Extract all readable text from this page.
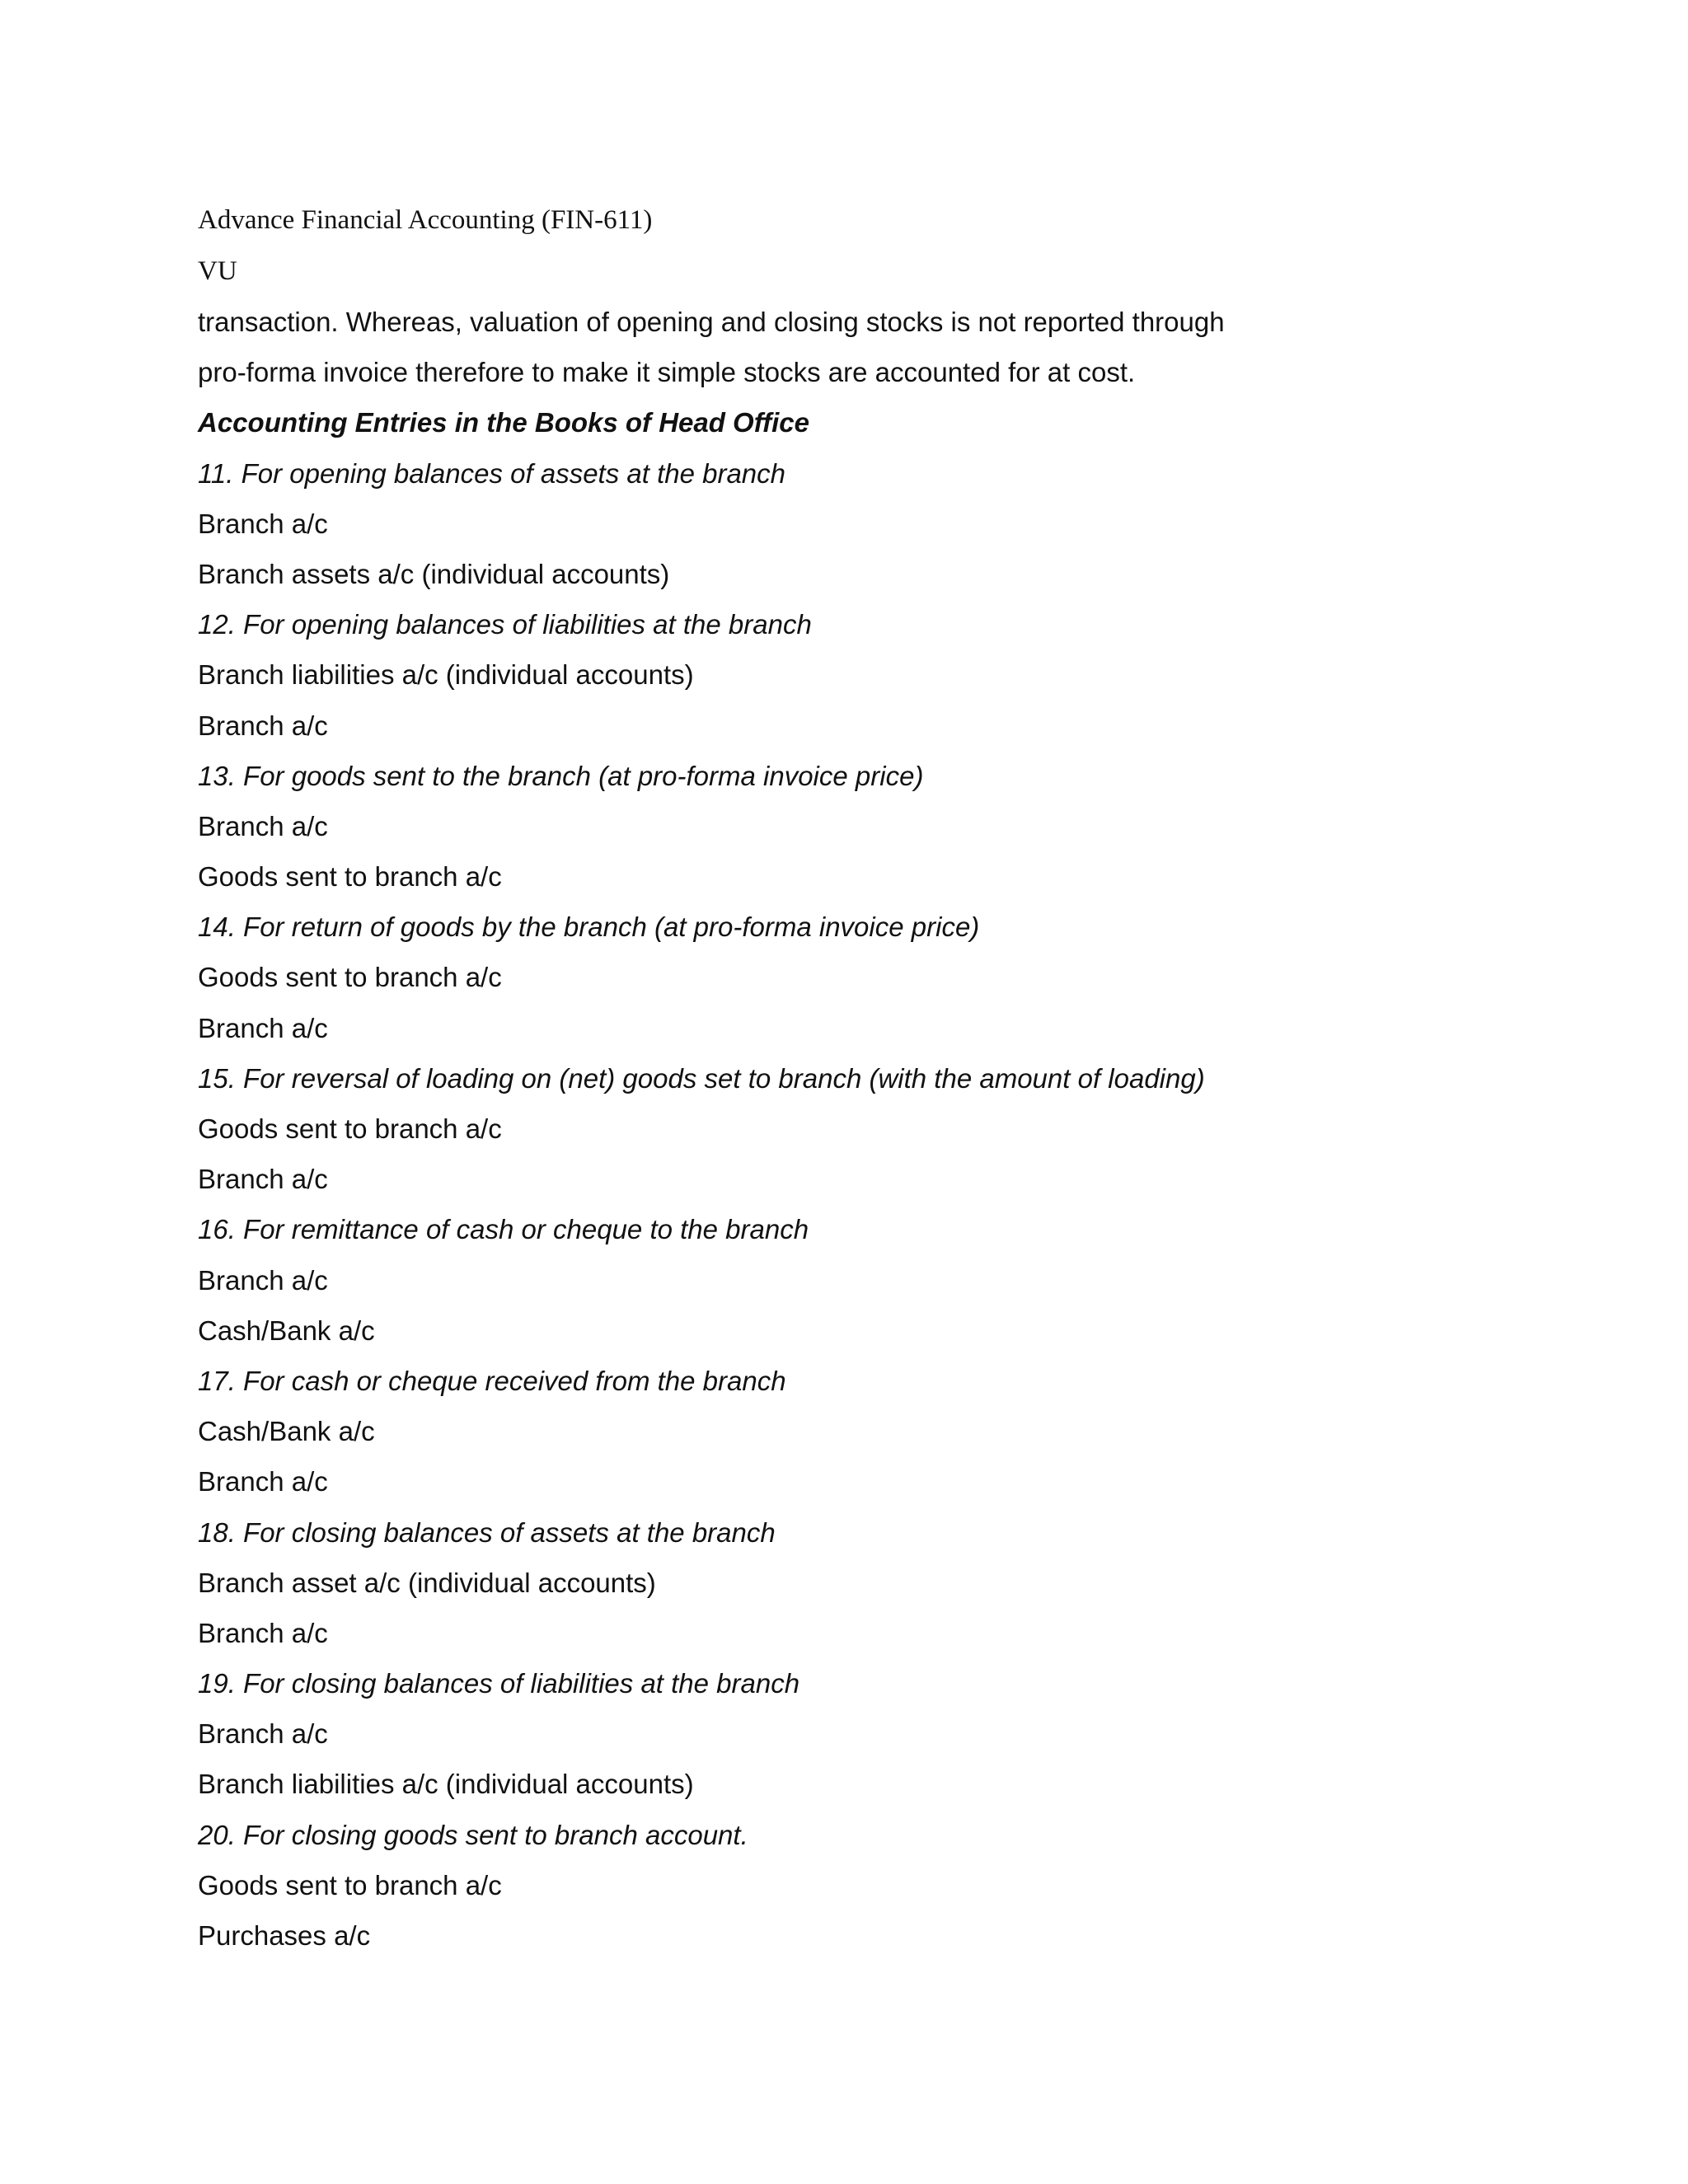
Advance Financial Accounting (FIN-611)
VU
transaction. Whereas, valuation of opening and closing stocks is not reported through
pro-forma invoice therefore to make it simple stocks are accounted for at cost.
Accounting Entries in the Books of Head Office
11. For opening balances of assets at the branch
Branch a/c
Branch assets a/c (individual accounts)
12. For opening balances of liabilities at the branch
Branch liabilities a/c (individual accounts)
Branch a/c
13. For goods sent to the branch (at pro-forma invoice price)
Branch a/c
Goods sent to branch a/c
14. For return of goods by the branch (at pro-forma invoice price)
Goods sent to branch a/c
Branch a/c
15. For reversal of loading on (net) goods set to branch (with the amount of loading)
Goods sent to branch a/c
Branch a/c
16. For remittance of cash or cheque to the branch
Branch a/c
Cash/Bank a/c
17. For cash or cheque received from the branch
Cash/Bank a/c
Branch a/c
18. For closing balances of assets at the branch
Branch asset a/c (individual accounts)
Branch a/c
19. For closing balances of liabilities at the branch
Branch a/c
Branch liabilities a/c (individual accounts)
20. For closing goods sent to branch account.
Goods sent to branch a/c
Purchases a/c
